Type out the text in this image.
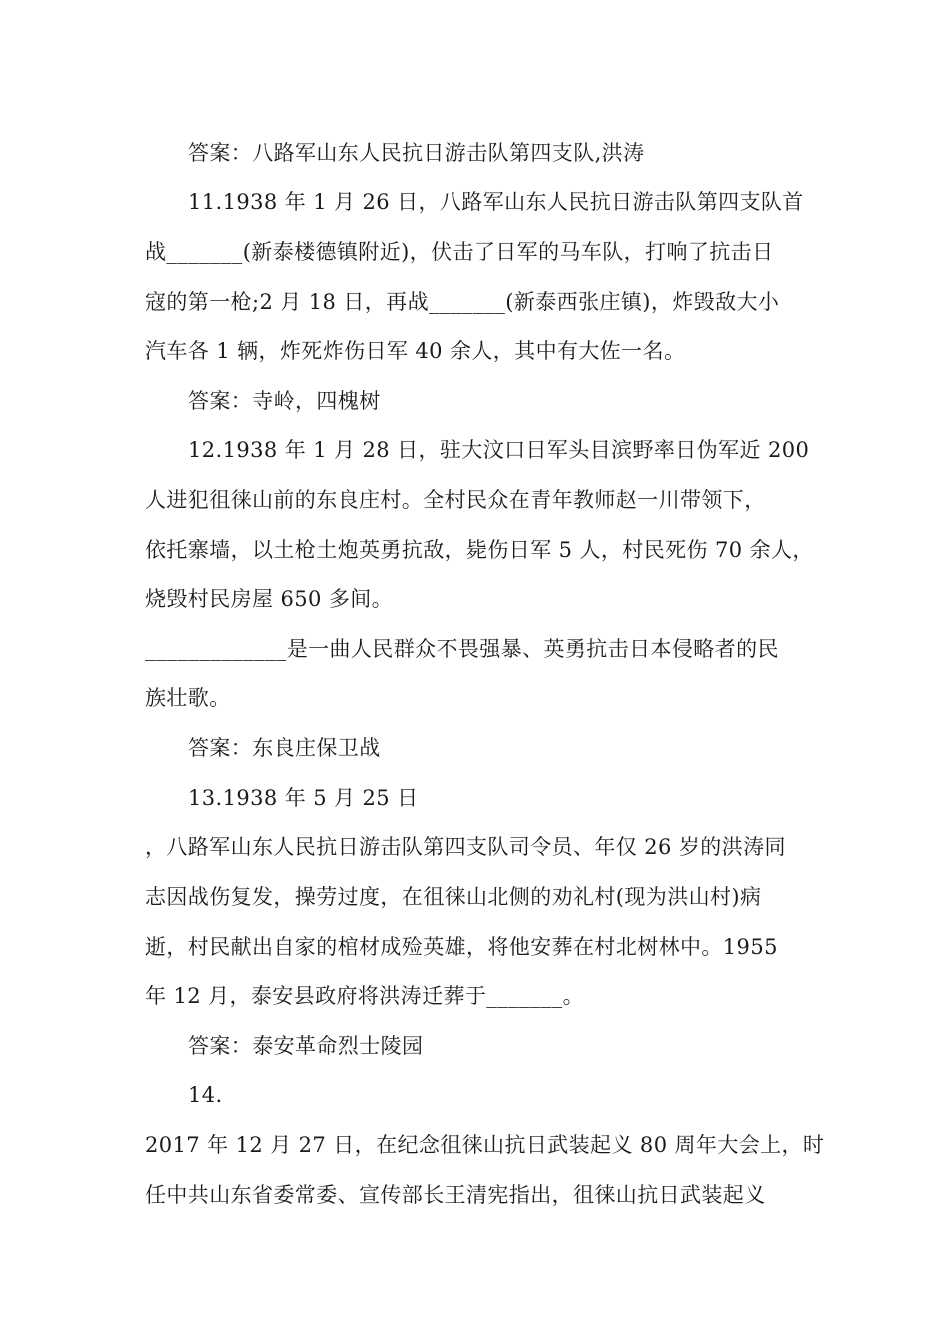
答案：八路军山东人民抗日游击队第四支队,洪涛
11.1938 年 1 月 26 日，八路军山东人民抗日游击队第四支队首
战_______(新泰楼德镇附近)，伏击了日军的马车队，打响了抗击日
寇的第一枪;2 月 18 日，再战_______(新泰西张庄镇)，炸毁敌大小
汽车各 1 辆，炸死炸伤日军 40 余人，其中有大佐一名。
答案：寺岭，四槐树
12.1938 年 1 月 28 日，驻大汶口日军头目滨野率日伪军近 200
人进犯徂徕山前的东良庄村。全村民众在青年教师赵一川带领下，
依托寨墙，以土枪土炮英勇抗敌，毙伤日军 5 人，村民死伤 70 余人，
烧毁村民房屋 650 多间。
_____________是一曲人民群众不畏强暴、英勇抗击日本侵略者的民
族壮歌。
答案：东良庄保卫战
13.1938 年 5 月 25 日
，八路军山东人民抗日游击队第四支队司令员、年仅 26 岁的洪涛同
志因战伤复发，操劳过度，在徂徕山北侧的劝礼村(现为洪山村)病
逝，村民献出自家的棺材成殓英雄，将他安葬在村北树林中。1955
年 12 月，泰安县政府将洪涛迁葬于_______。
答案：泰安革命烈士陵园
14.
2017 年 12 月 27 日，在纪念徂徕山抗日武装起义 80 周年大会上，时
任中共山东省委常委、宣传部长王清宪指出，徂徕山抗日武装起义
